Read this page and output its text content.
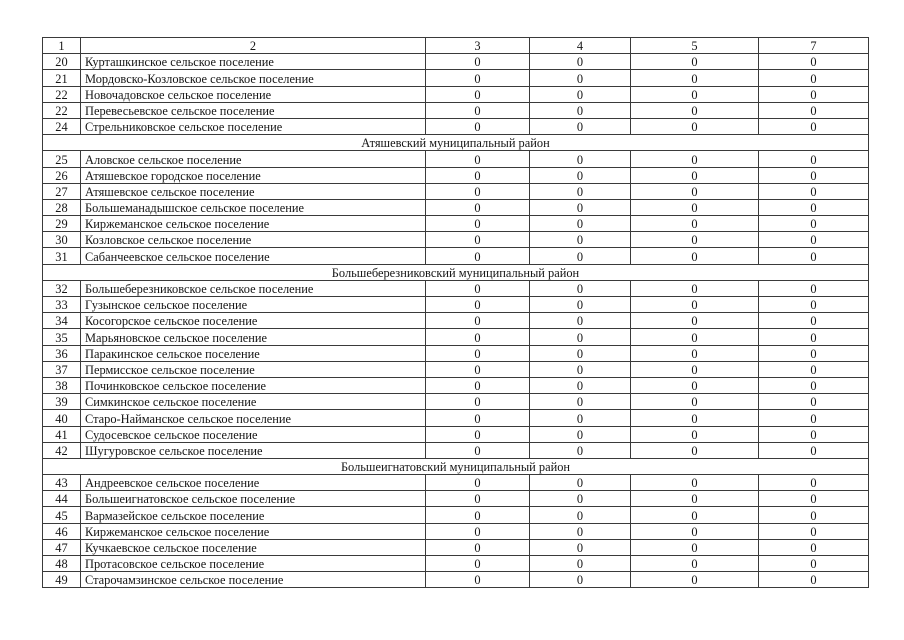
1	2	3	4	5	7
20	Курташкинское сельское поселение	0	0	0	0
21	Мордовско-Козловское сельское поселение	0	0	0	0
22	Новочадовское сельское поселение	0	0	0	0
22	Перевесьевское сельское поселение	0	0	0	0
24	Стрельниковское сельское поселение	0	0	0	0
Атяшевский муниципальный район					
25	Аловское сельское поселение	0	0	0	0
26	Атяшевское городское поселение	0	0	0	0
27	Атяшевское сельское поселение	0	0	0	0
28	Большеманадышское сельское поселение	0	0	0	0
29	Киржеманское сельское поселение	0	0	0	0
30	Козловское сельское поселение	0	0	0	0
31	Сабанчеевское сельское поселение	0	0	0	0
Большеберезниковский муниципальный район					
32	Большеберезниковское сельское поселение	0	0	0	0
33	Гузынское сельское поселение	0	0	0	0
34	Косогорское сельское поселение	0	0	0	0
35	Марьяновское сельское поселение	0	0	0	0
36	Паракинское сельское поселение	0	0	0	0
37	Пермисское сельское поселение	0	0	0	0
38	Починковское сельское поселение	0	0	0	0
39	Симкинское сельское поселение	0	0	0	0
40	Старо-Найманское сельское поселение	0	0	0	0
41	Судосевское сельское поселение	0	0	0	0
42	Шугуровское сельское поселение	0	0	0	0
Большеигнатовский муниципальный район					
43	Андреевское сельское поселение	0	0	0	0
44	Большеигнатовское сельское поселение	0	0	0	0
45	Вармазейское сельское поселение	0	0	0	0
46	Киржеманское сельское поселение	0	0	0	0
47	Кучкаевское сельское поселение	0	0	0	0
48	Протасовское сельское поселение	0	0	0	0
49	Старочамзинское сельское поселение	0	0	0	0
